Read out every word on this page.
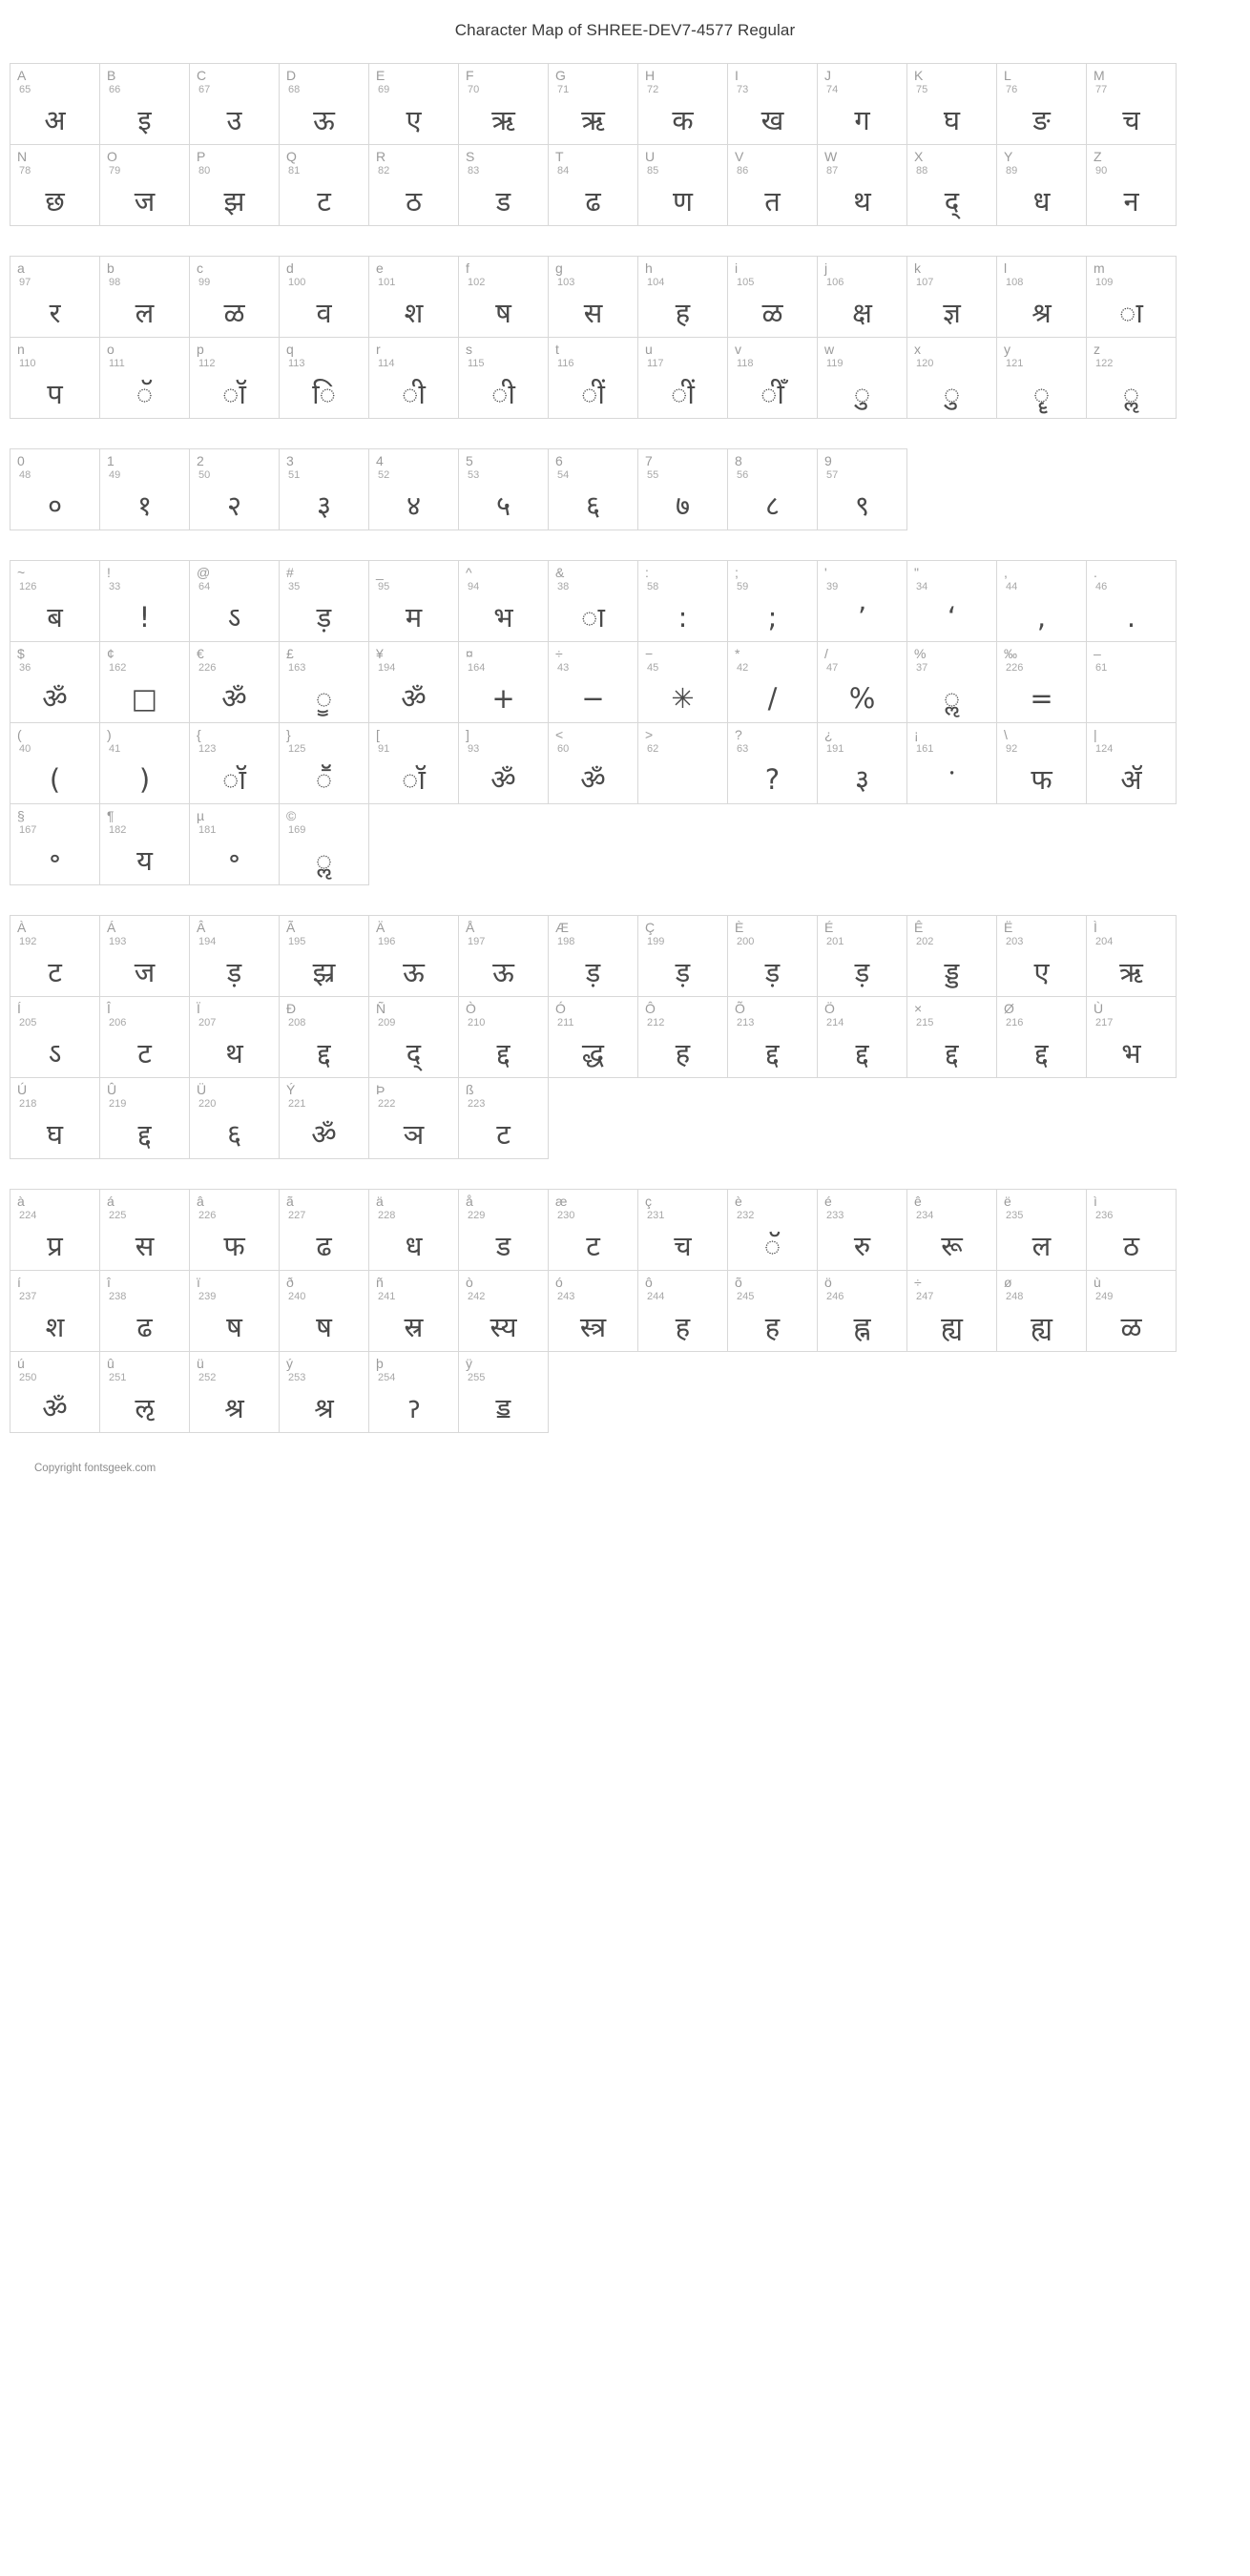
Character Map of SHREE-DEV7-4577 Regular
A
65
अ
B
66
इ
C
67
उ
D
68
ऊ
E
69
ए
F
70
ऋ
G
71
ऋ
H
72
क
I
73
ख
J
74
ग
K
75
घ
L
76
ङ
M
77
च
N
78
छ
O
79
ज
P
80
झ
Q
81
ट
R
82
ठ
S
83
ड
T
84
ढ
U
85
ण
V
86
त
W
87
थ
X
88
द्
Y
89
ध
Z
90
न
a
97
र
b
98
ल
c
99
ळ
d
100
व
e
101
श
f
102
ष
g
103
स
h
104
ह
i
105
ळ
j
106
क्ष
k
107
ज्ञ
l
108
श्र
m
109
ा
n
110
प
o
111
ॅ
p
112
ॉ
q
113
ि
r
114
ी
s
115
ी
t
116
ीं
u
117
ीं
v
118
ीँ
w
119
ु
x
120
ु
y
121
ॄ
z
122
ॢ
0
48
०
1
49
१
2
50
२
3
51
३
4
52
४
5
53
५
6
54
६
7
55
७
8
56
८
9
57
९
~
126
ब
!
33
!
@
64
ऽ
#
35
ड़
_
95
म
^
94
भ
&
38
ा
:
58
:
;
59
;
'
39
’
"
34
‘
,
44
,
.
46
.
$
36
ॐ
¢
162
□
€
226
ॐ
£
163
ॗ
¥
194
ॐ
¤
164
+
÷
43
−
−
45
✳
*
42
/
/
47
%
%
37
ॢ
‰
226
=
–
61
(
40
(
)
41
)
{
123
ॉ
}
125
ॕ
[
91
ॉ
]
93
ॐ
<
60
ॐ
>
62
?
63
?
¿
191
३
¡
161
ॱ
\
92
फ
|
124
ॲ
§
167
॰
¶
182
य
µ
181
॰
©
169
ॢ
À
192
ट
Á
193
ज
Â
194
ड़
Ã
195
झ्र
Ä
196
ऊ
Å
197
ऊ
Æ
198
ड़
Ç
199
ड़
È
200
ड़
É
201
ड़
Ê
202
ड्ड
Ë
203
ए
Ì
204
ऋ
Í
205
ऽ
Î
206
ट
Ï
207
थ
Ð
208
द्द
Ñ
209
द्
Ò
210
द्द
Ó
211
द्ध
Ô
212
ह
Õ
213
द्द
Ö
214
द्द
×
215
द्द
Ø
216
द्द
Ù
217
भ
Ú
218
घ
Û
219
द्द
Ü
220
६
Ý
221
ॐ
Þ
222
ञ
ß
223
ट
à
224
प्र
á
225
स
â
226
फ
ã
227
ढ
ä
228
ध
å
229
ड
æ
230
ट
ç
231
च
è
232
ॅ
é
233
रु
ê
234
रू
ë
235
ल
ì
236
ठ
í
237
श
î
238
ढ
ï
239
ष
ð
240
ष
ñ
241
स्र
ò
242
स्य
ó
243
स्त्र
ô
244
ह
õ
245
ह
ö
246
ह्न
÷
247
ह्य
ø
248
ह्य
ù
249
ळ
ú
250
ॐ
û
251
ऌ
ü
252
श्र
ý
253
श्र
þ
254
ॽ
ÿ
255
ॾ
Copyright fontsgeek.com
